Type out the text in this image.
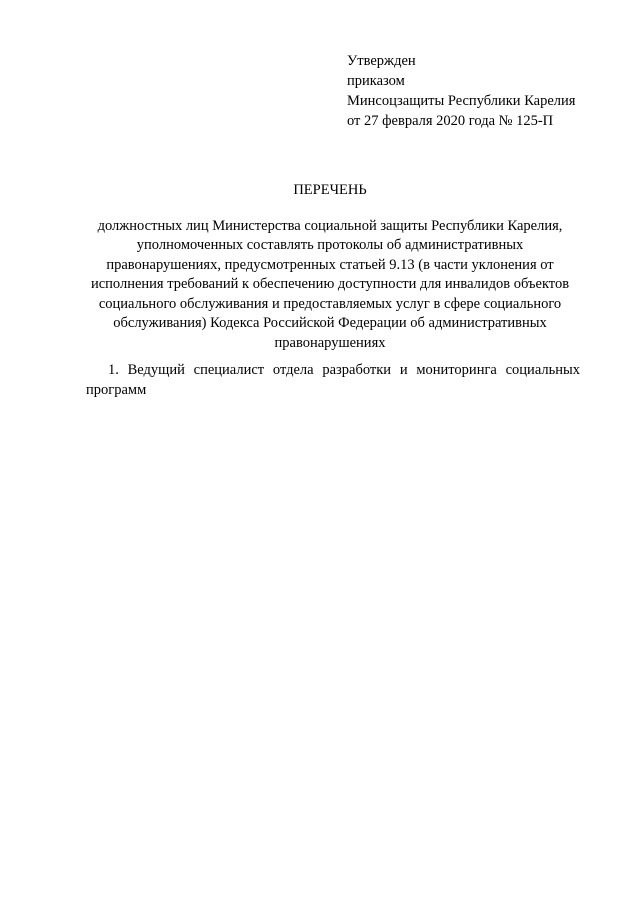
Утвержден
приказом
Минсоцзащиты Республики Карелия
от 27 февраля 2020 года № 125-П
ПЕРЕЧЕНЬ
должностных лиц Министерства социальной защиты Республики Карелия,
уполномоченных составлять протоколы об административных
правонарушениях, предусмотренных статьей 9.13 (в части уклонения от
исполнения требований к обеспечению доступности для инвалидов объектов
социального обслуживания и предоставляемых услуг в сфере социального
обслуживания) Кодекса Российской Федерации об административных
правонарушениях
1. Ведущий специалист отдела разработки и мониторинга социальных
программ
